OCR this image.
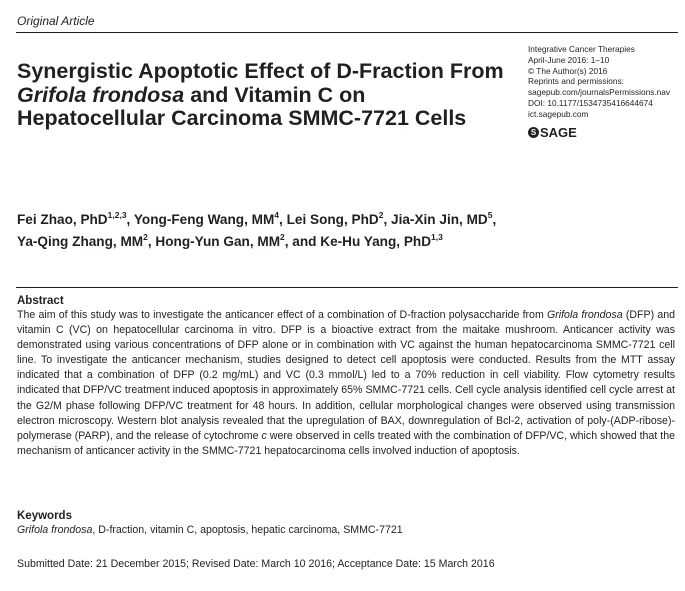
Original Article
Synergistic Apoptotic Effect of D-Fraction From Grifola frondosa and Vitamin C on Hepatocellular Carcinoma SMMC-7721 Cells
Integrative Cancer Therapies
April-June 2016: 1–10
© The Author(s) 2016
Reprints and permissions:
sagepub.com/journalsPermissions.nav
DOI: 10.1177/1534735416644674
ict.sagepub.com
S SAGE
Fei Zhao, PhD$^{1,2,3}$, Yong-Feng Wang, $MM^4$, Lei Song, PhD$^2$, Jia-Xin Jin, $MD^5$,
Ya-Qing Zhang, $MM^2$, Hong-Yun Gan, $MM^2$, and Ke-Hu Yang, PhD$^{1,3}$
Abstract

The aim of this study was to investigate the anticancer effect of a combination of D-fraction polysaccharide from Grifola frondosa (DFP) and vitamin C (VC) on hepatocellular carcinoma in vitro. DFP is a bioactive extract from the maitake mushroom. Anticancer activity was demonstrated using various concentrations of DFP alone or in combination with VC against the human hepatocarcinoma SMMC-7721 cell line. To investigate the anticancer mechanism, studies designed to detect cell apoptosis were conducted. Results from the MTT assay indicated that a combination of DFP (0.2 mg/mL) and VC (0.3 mmol/L) led to a 70% reduction in cell viability. Flow cytometry results indicated that DFP/VC treatment induced apoptosis in approximately 65% SMMC-7721 cells. Cell cycle analysis identified cell cycle arrest at the G2/M phase following DFP/VC treatment for 48 hours. In addition, cellular morphological changes were observed using transmission electron microscopy. Western blot analysis revealed that the upregulation of BAX, downregulation of Bcl-2, activation of poly-(ADP-ribose)-polymerase (PARP), and the release of cytochrome c were observed in cells treated with the combination of DFP/VC, which showed that the mechanism of anticancer activity in the SMMC-7721 hepatocarcinoma cells involved induction of apoptosis.

Keywords
Grifola frondosa, D-fraction, vitamin C, apoptosis, hepatic carcinoma, SMMC-7721
Submitted Date: 21 December 2015; Revised Date: March 10 2016; Acceptance Date: 15 March 2016
